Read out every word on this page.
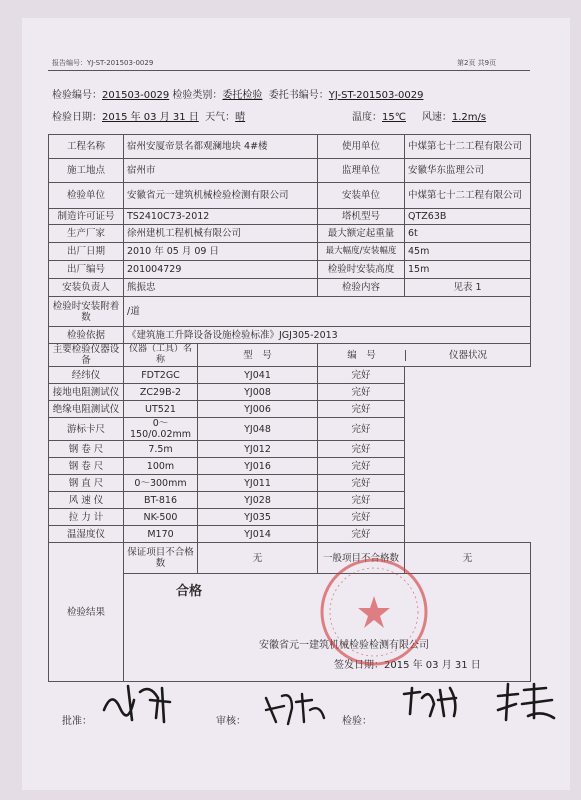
报告编号：YJ-ST-201503-0029	第2页 共9页
检验编号：201503-0029 检验类别：委托检验 委托书编号：YJ-ST-201503-0029
检验日期：2015 年 03 月 31 日 天气：晴	温度：15℃ 风速：1.2m/s
工程名称	宿州安厦帝景名都观澜地块 4#楼		使用单位	中煤第七十二工程有限公司
施工地点	宿州市		监理单位	安徽华东监理公司
检验单位	安徽省元一建筑机械检验检测有限公司		安装单位	中煤第七十二工程有限公司
制造许可证号	TS2410C73-2012		塔机型号	QTZ63B
生产厂家	徐州建机工程机械有限公司		最大额定起重量	6t
出厂日期	2010 年 05 月 09 日		最大幅度/安装幅度	45m
出厂编号	201004729		检验时安装高度	15m
安装负责人	熊振忠		检验内容	见表 1
检验时安装附着数	/道			
检验依据	《建筑施工升降设备设施检验标准》JGJ305-2013			
主要检验仪器设备	仪器（工具）名称	型　号	编　号 仪器状况	

经纬仪	FDT2GC	YJ041	完好	
接地电阻测试仪	ZC29B-2	YJ008	完好	
绝缘电阻测试仪	UT521	YJ006	完好	
游标卡尺	0～150/0.02mm	YJ048	完好	
钢 卷 尺	7.5m	YJ012	完好	
钢 卷 尺	100m	YJ016	完好	
钢 直 尺	0～300mm	YJ011	完好	
风 速 仪	BT-816	YJ028	完好	
拉 力 计	NK-500	YJ035	完好	
温湿度仪	M170	YJ014	完好	
检验结果	保证项目不合格数	无	一般项目不合格数	无

	合格
安徽省元一建筑机械检验检测有限公司
签发日期：2015 年 03 月 31 日			
批准：	审核：	检验：
